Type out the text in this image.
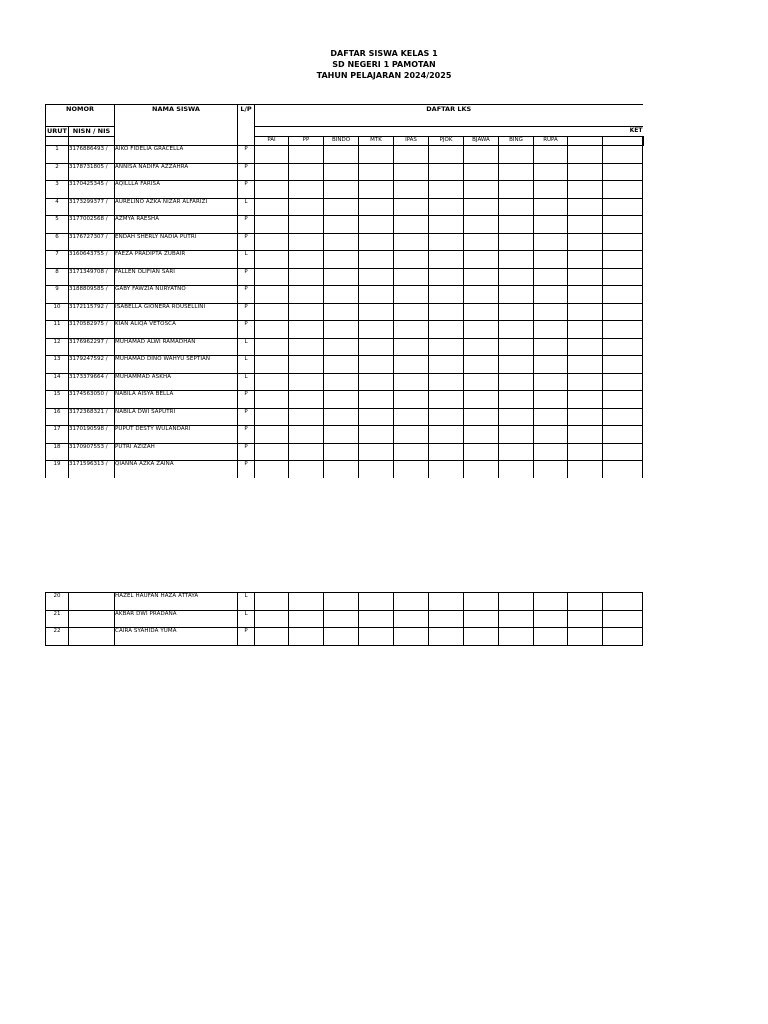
DAFTAR SISWA KELAS 1
SD NEGERI 1 PAMOTAN
TAHUN PELAJARAN 2024/2025
NOMOR		NAMA SISWA	L/P	DAFTAR LKS											
URUT	NISN / NIS			KET											
				PAI	PP	BINDO	MTK	IPAS	PJOK	BJAWA	BING	RUPA			
1	3176886493 /	AIKO FIDELIA GRACELLA	P												
2	3178731805 /	ANNISA NADIFA AZZAHRA	P												
3	3170425345 /	AQILLLA FARISA	P												
4	3173299377 /	AURELINO AZKA NIZAR ALFARIZI	L												
5	3177002568 /	AZMYA RAESHA	P												
6	3176727307 /	ENDAH SHERLY NADIA PUTRI	P												
7	3160643755 /	FAEZA PRADIPTA ZUBAIR	L												
8	3171349708 /	FALLEN OLIFIAN SARI	P												
9	3188809585 /	GABY FAWZIA NURYATNO	P												
10	3172115792 /	ISABELLA GIONERA ROUSELLINI	P												
11	3170582975 /	KIAN ALIQA VETOSCA	P												
12	3176962297 /	MUHAMAD ALWI RAMADHAN	L												
13	3179247592 /	MUHAMAD DINO WAHYU SEPTIAN	L												
14	3173379664 /	MUHAMMAD ASKHA	L												
15	3174563050 /	NABILA AISYA BELLA	P												
16	3172368321 /	NABILA DWI SAPUTRI	P												
17	3170190598 /	PUPUT DESTY WULANDARI	P												
18	3170907553 /	PUTRI AZIZAH	P												
19	3171596313 /	QIANNA AZKA ZAINA	P												
20		HAZEL HAUFAN HAZA ATTAYA	L											
21		AKBAR DWI PRADANA	L											
22		CAIRA SYAHIDA YUMA	P											
